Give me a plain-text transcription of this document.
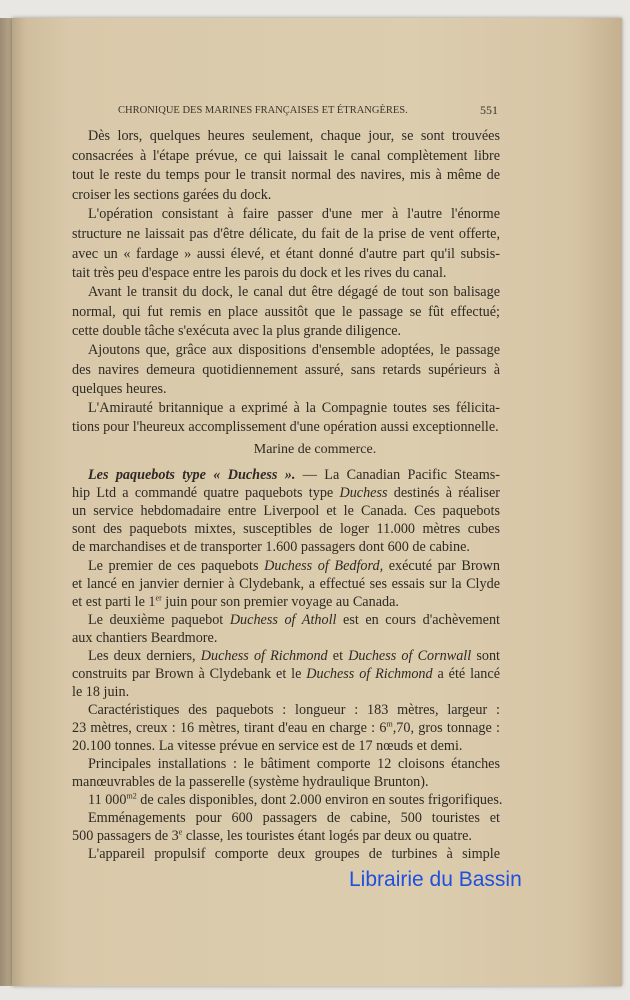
CHRONIQUE DES MARINES FRANÇAISES ET ÉTRANGÈRES.	551
Marine de commerce.
Dès lors, quelques heures seulement, chaque jour, se sont trouvées
consacrées à l'étape prévue, ce qui laissait le canal complètement libre
tout le reste du temps pour le transit normal des navires, mis à même de
croiser les sections garées du dock.
L'opération consistant à faire passer d'une mer à l'autre l'énorme
structure ne laissait pas d'être délicate, du fait de la prise de vent offerte,
avec un « fardage » aussi élevé, et étant donné d'autre part qu'il subsis-
tait très peu d'espace entre les parois du dock et les rives du canal.
Avant le transit du dock, le canal dut être dégagé de tout son balisage
normal, qui fut remis en place aussitôt que le passage se fût effectué;
cette double tâche s'exécuta avec la plus grande diligence.
Ajoutons que, grâce aux dispositions d'ensemble adoptées, le passage
des navires demeura quotidiennement assuré, sans retards supérieurs à
quelques heures.
L'Amirauté britannique a exprimé à la Compagnie toutes ses félicita-
tions pour l'heureux accomplissement d'une opération aussi exceptionnelle.
Les paquebots type « Duchess ». — La Canadian Pacific Steams-
hip Ltd a commandé quatre paquebots type Duchess destinés à réaliser
un service hebdomadaire entre Liverpool et le Canada. Ces paquebots
sont des paquebots mixtes, susceptibles de loger 11.000 mètres cubes
de marchandises et de transporter 1.600 passagers dont 600 de cabine.
Le premier de ces paquebots Duchess of Bedford, exécuté par Brown
et lancé en janvier dernier à Clydebank, a effectué ses essais sur la Clyde
et est parti le 1er juin pour son premier voyage au Canada.
Le deuxième paquebot Duchess of Atholl est en cours d'achèvement
aux chantiers Beardmore.
Les deux derniers, Duchess of Richmond et Duchess of Cornwall sont
construits par Brown à Clydebank et le Duchess of Richmond a été lancé
le 18 juin.
Caractéristiques des paquebots : longueur : 183 mètres, largeur :
23 mètres, creux : 16 mètres, tirant d'eau en charge : 6$^m$,70, gros tonnage :
20.100 tonnes. La vitesse prévue en service est de 17 nœuds et demi.
Principales installations : le bâtiment comporte 12 cloisons étanches
manœuvrables de la passerelle (système hydraulique Brunton).
11 $000^{m2}$ de cales disponibles, dont 2.000 environ en soutes frigorifiques.
Emménagements pour 600 passagers de cabine, 500 touristes et
500 passagers de 3e classe, les touristes étant logés par deux ou quatre.
L'appareil propulsif comporte deux groupes de turbines à simple
Librairie du Bassin
